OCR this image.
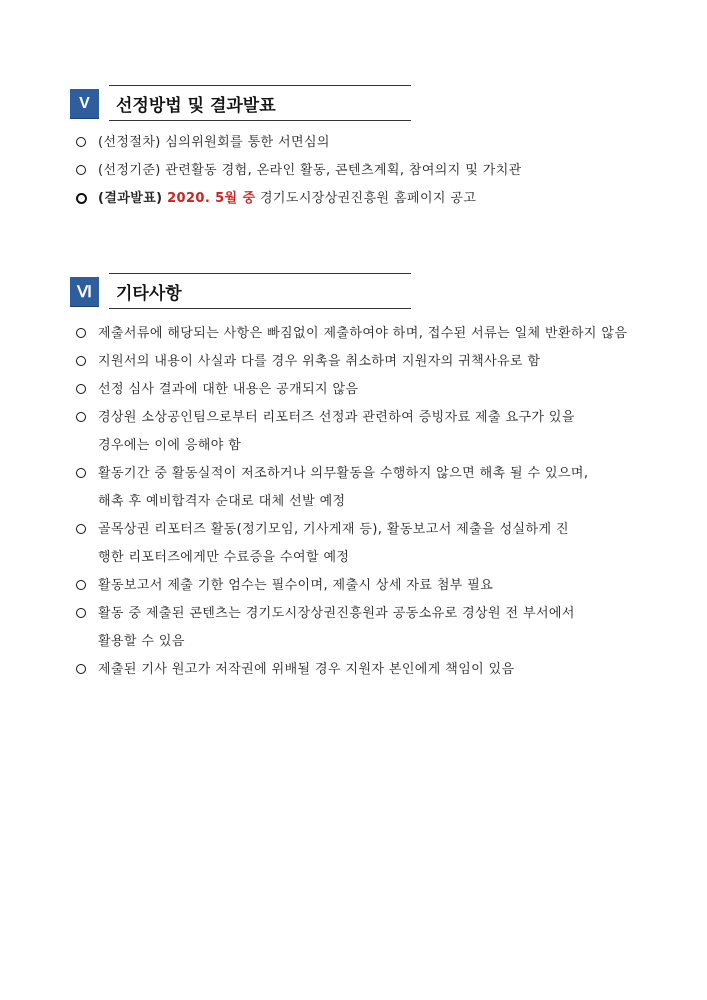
V	선정방법 및 결과발표
(선정절차) 심의위원회를 통한 서면심의
(선정기준) 관련활동 경험, 온라인 활동, 콘텐츠계획, 참여의지 및 가치관
(결과발표) 2020. 5월 중 경기도시장상권진흥원 홈페이지 공고
Ⅵ	기타사항
제출서류에 해당되는 사항은 빠짐없이 제출하여야 하며, 접수된 서류는 일체 반환하지 않음
지원서의 내용이 사실과 다를 경우 위촉을 취소하며 지원자의 귀책사유로 함
선정 심사 결과에 대한 내용은 공개되지 않음
경상원 소상공인팀으로부터 리포터즈 선정과 관련하여 증빙자료 제출 요구가 있을
경우에는 이에 응해야 함
활동기간 중 활동실적이 저조하거나 의무활동을 수행하지 않으면 해촉 될 수 있으며,
해촉 후 예비합격자 순대로 대체 선발 예정
골목상권 리포터즈 활동(정기모임, 기사게재 등), 활동보고서 제출을 성실하게 진
행한 리포터즈에게만 수료증을 수여할 예정
활동보고서 제출 기한 엄수는 필수이며, 제출시 상세 자료 첨부 필요
활동 중 제출된 콘텐츠는 경기도시장상권진흥원과 공동소유로 경상원 전 부서에서
활용할 수 있음
제출된 기사 원고가 저작권에 위배될 경우 지원자 본인에게 책임이 있음
